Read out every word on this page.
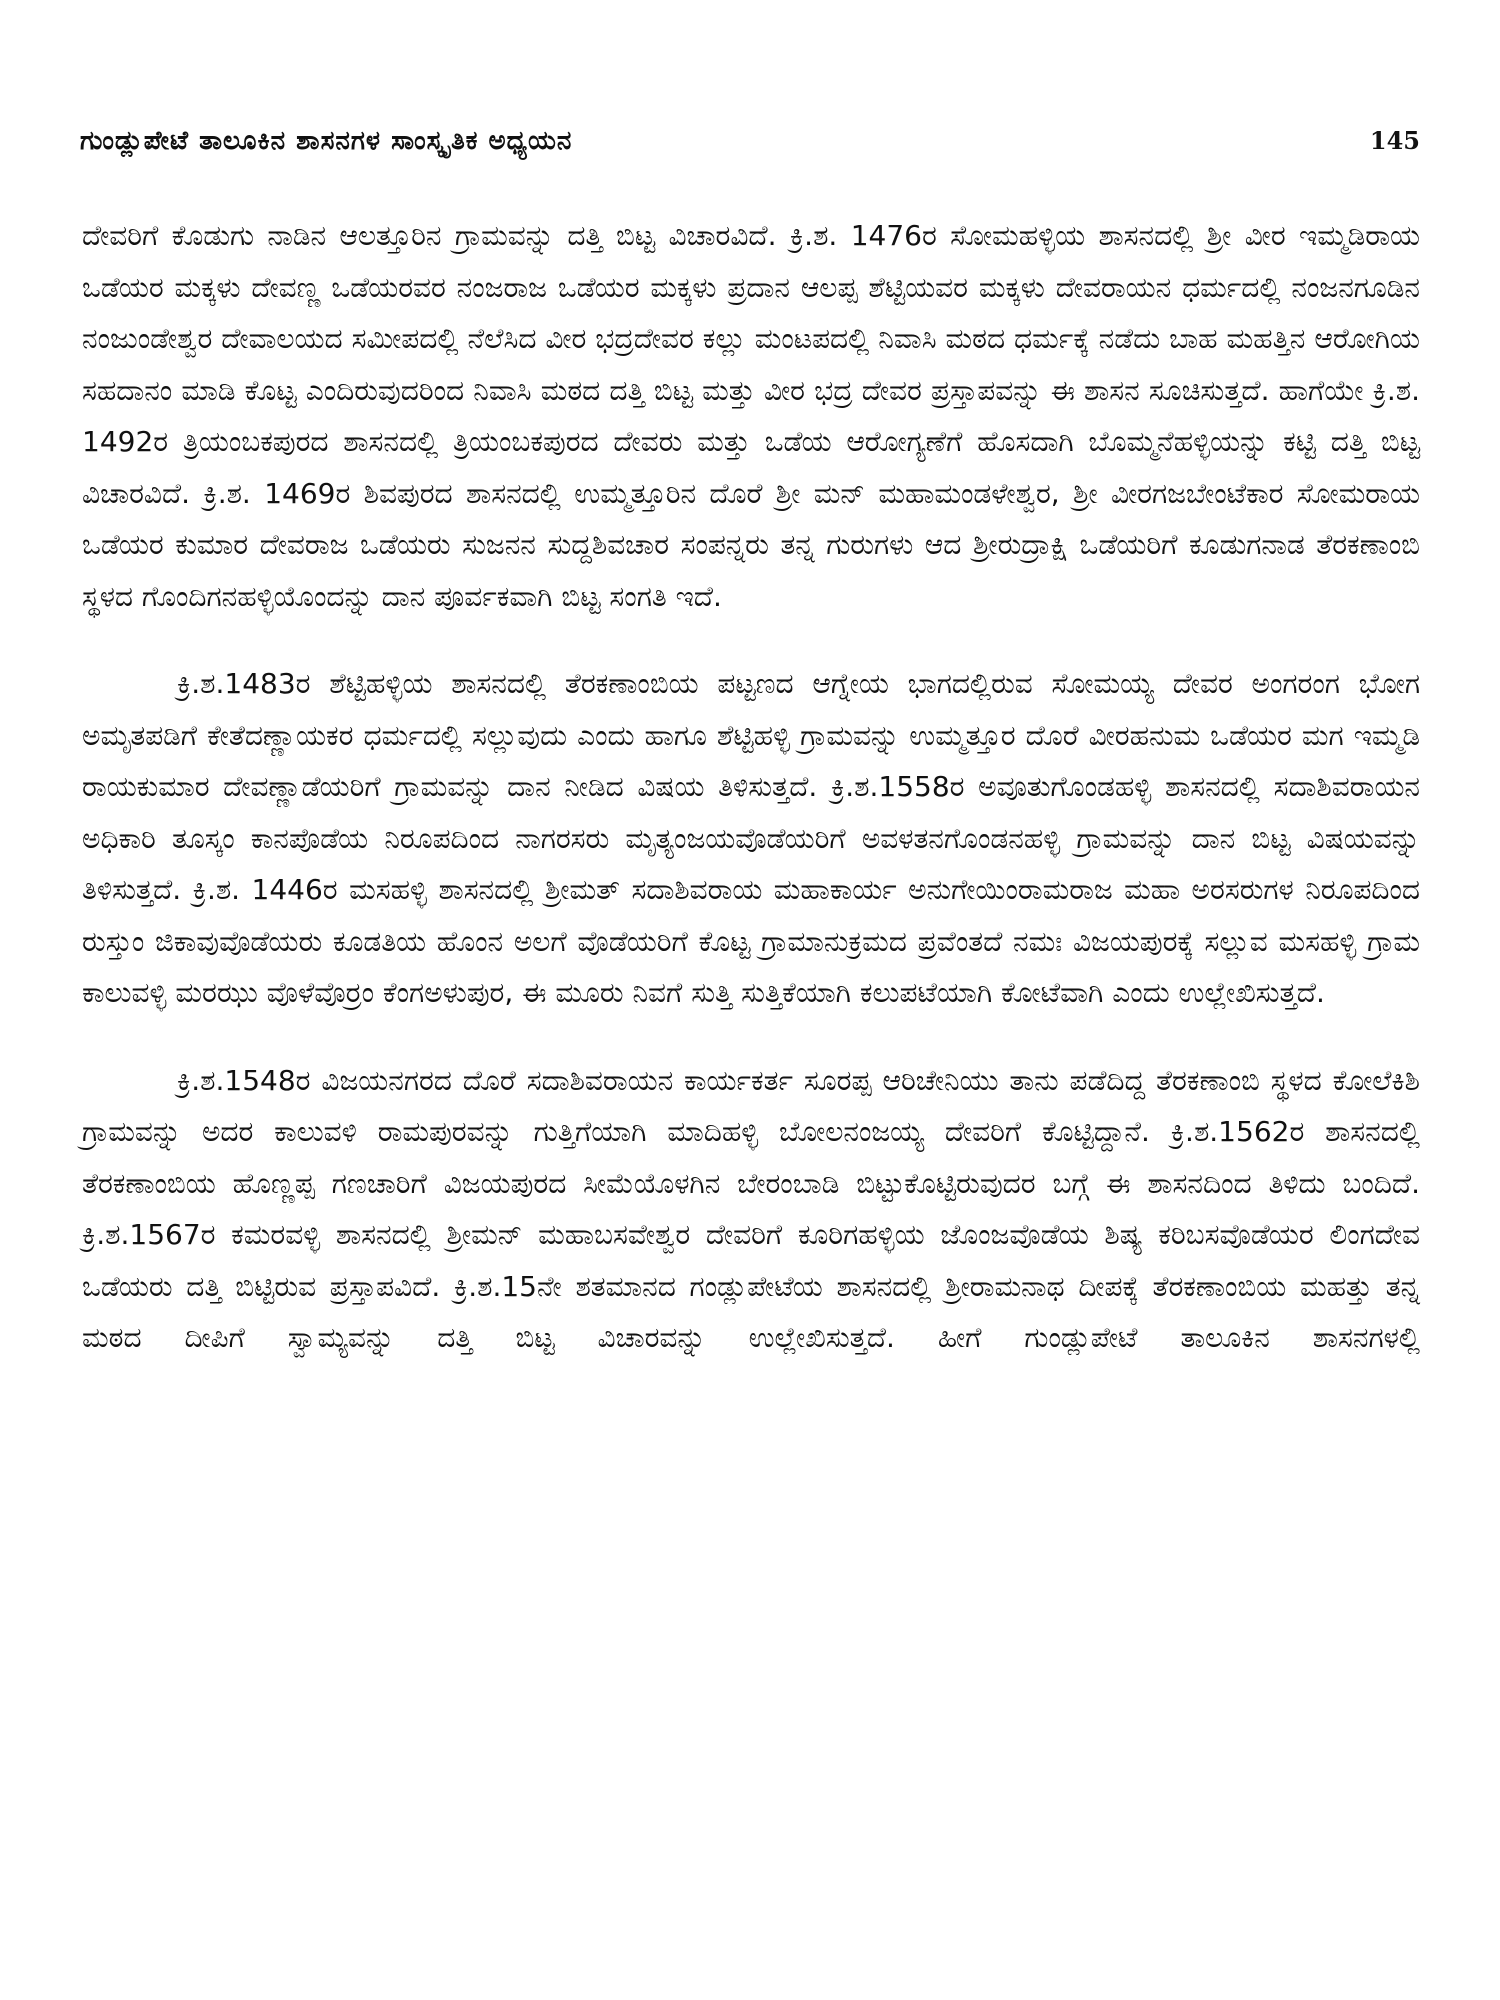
ಗುಂಡ್ಲುಪೇಟೆ ತಾಲೂಕಿನ ಶಾಸನಗಳ ಸಾಂಸ್ಕೃತಿಕ ಅಧ್ಯಯನ	145

ದೇವರಿಗೆ ಕೊಡುಗು ನಾಡಿನ ಆಲತ್ತೂರಿನ ಗ್ರಾಮವನ್ನು ದತ್ತಿ ಬಿಟ್ಟ ವಿಚಾರವಿದೆ. ಕ್ರಿ.ಶ. 1476ರ ಸೋಮಹಳ್ಳಿಯ ಶಾಸನದಲ್ಲಿ ಶ್ರೀ ವೀರ ಇಮ್ಮಡಿರಾಯ ಒಡೆಯರ ಮಕ್ಕಳು ದೇವಣ್ಣ ಒಡೆಯರವರ ನಂಜರಾಜ ಒಡೆಯರ ಮಕ್ಕಳು ಪ್ರದಾನ ಆಲಪ್ಪ ಶೆಟ್ಟಿಯವರ ಮಕ್ಕಳು ದೇವರಾಯನ ಧರ್ಮದಲ್ಲಿ ನಂಜನಗೂಡಿನ ನಂಜುಂಡೇಶ್ವರ ದೇವಾಲಯದ ಸಮೀಪದಲ್ಲಿ ನೆಲೆಸಿದ ವೀರ ಭದ್ರದೇವರ ಕಲ್ಲು ಮಂಟಪದಲ್ಲಿ ನಿವಾಸಿ ಮಠದ ಧರ್ಮಕ್ಕೆ ನಡೆದು ಬಾಹ ಮಹತ್ತಿನ ಆರೋಗಿಯ ಸಹದಾನಂ ಮಾಡಿ ಕೊಟ್ಟ ಎಂದಿರುವುದರಿಂದ ನಿವಾಸಿ ಮಠದ ದತ್ತಿ ಬಿಟ್ಟ ಮತ್ತು ವೀರ ಭದ್ರ ದೇವರ ಪ್ರಸ್ತಾಪವನ್ನು ಈ ಶಾಸನ ಸೂಚಿಸುತ್ತದೆ. ಹಾಗೆಯೇ ಕ್ರಿ.ಶ. 1492ರ ತ್ರಿಯಂಬಕಪುರದ ಶಾಸನದಲ್ಲಿ ತ್ರಿಯಂಬಕಪುರದ ದೇವರು ಮತ್ತು ಒಡೆಯ ಆರೋಗ್ಯಣೆಗೆ ಹೊಸದಾಗಿ ಬೊಮ್ಮನೆಹಳ್ಳಿಯನ್ನು ಕಟ್ಟಿ ದತ್ತಿ ಬಿಟ್ಟ ವಿಚಾರವಿದೆ. ಕ್ರಿ.ಶ. 1469ರ ಶಿವಪುರದ ಶಾಸನದಲ್ಲಿ ಉಮ್ಮತ್ತೂರಿನ ದೊರೆ ಶ್ರೀ ಮನ್ ಮಹಾಮಂಡಳೇಶ್ವರ, ಶ್ರೀ ವೀರಗಜಬೇಂಟೆಕಾರ ಸೋಮರಾಯ ಒಡೆಯರ ಕುಮಾರ ದೇವರಾಜ ಒಡೆಯರು ಸುಜನನ ಸುದ್ದಶಿವಚಾರ ಸಂಪನ್ನರು ತನ್ನ ಗುರುಗಳು ಆದ ಶ್ರೀರುದ್ರಾಕ್ಷಿ ಒಡೆಯರಿಗೆ ಕೂಡುಗನಾಡ ತೆರಕಣಾಂಬಿ ಸ್ಥಳದ ಗೊಂದಿಗನಹಳ್ಳಿಯೊಂದನ್ನು ದಾನ ಪೂರ್ವಕವಾಗಿ ಬಿಟ್ಟ ಸಂಗತಿ ಇದೆ.

ಕ್ರಿ.ಶ.1483ರ ಶೆಟ್ಟಿಹಳ್ಳಿಯ ಶಾಸನದಲ್ಲಿ ತೆರಕಣಾಂಬಿಯ ಪಟ್ಟಣದ ಆಗ್ನೇಯ ಭಾಗದಲ್ಲಿರುವ ಸೋಮಯ್ಯ ದೇವರ ಅಂಗರಂಗ ಭೋಗ ಅಮೃತಪಡಿಗೆ ಕೇತೆದಣ್ಣಾಯಕರ ಧರ್ಮದಲ್ಲಿ ಸಲ್ಲುವುದು ಎಂದು ಹಾಗೂ ಶೆಟ್ಟಿಹಳ್ಳಿ ಗ್ರಾಮವನ್ನು ಉಮ್ಮತ್ತೂರ ದೊರೆ ವೀರಹನುಮ ಒಡೆಯರ ಮಗ ಇಮ್ಮಡಿ ರಾಯಕುಮಾರ ದೇವಣ್ಣಾಡೆಯರಿಗೆ ಗ್ರಾಮವನ್ನು ದಾನ ನೀಡಿದ ವಿಷಯ ತಿಳಿಸುತ್ತದೆ. ಕ್ರಿ.ಶ.1558ರ ಅವೂತುಗೊಂಡಹಳ್ಳಿ ಶಾಸನದಲ್ಲಿ ಸದಾಶಿವರಾಯನ ಅಧಿಕಾರಿ ತೂಸ್ಕಂ ಕಾನಪೊಡೆಯ ನಿರೂಪದಿಂದ ನಾಗರಸರು ಮೃತ್ಯಂಜಯವೊಡೆಯರಿಗೆ ಅವಳತನಗೊಂಡನಹಳ್ಳಿ ಗ್ರಾಮವನ್ನು ದಾನ ಬಿಟ್ಟ ವಿಷಯವನ್ನು ತಿಳಿಸುತ್ತದೆ. ಕ್ರಿ.ಶ. 1446ರ ಮಸಹಳ್ಳಿ ಶಾಸನದಲ್ಲಿ ಶ್ರೀಮತ್ ಸದಾಶಿವರಾಯ ಮಹಾಕಾರ್ಯ ಅನುಗೇಯಿಂರಾಮರಾಜ ಮಹಾ ಅರಸರುಗಳ ನಿರೂಪದಿಂದ ರುಸ್ತುಂ ಜಿಕಾವುವೊಡೆಯರು ಕೂಡತಿಯ ಹೊಂನ ಅಲಗೆ ವೊಡೆಯರಿಗೆ ಕೊಟ್ಟ ಗ್ರಾಮಾನುಕ್ರಮದ ಪ್ರವೆಂತದೆ ನಮಃ ವಿಜಯಪುರಕ್ಕೆ ಸಲ್ಲುವ ಮಸಹಳ್ಳಿ ಗ್ರಾಮ ಕಾಲುವಳ್ಳಿ ಮರಝು ವೊಳೆವೊರ್ರಂ ಕೆಂಗಅಳುಪುರ, ಈ ಮೂರು ನಿವಗೆ ಸುತ್ತಿ ಸುತ್ತಿಕೆಯಾಗಿ ಕಲುಪಟೆಯಾಗಿ ಕೋಟೆವಾಗಿ ಎಂದು ಉಲ್ಲೇಖಿಸುತ್ತದೆ.

ಕ್ರಿ.ಶ.1548ರ ವಿಜಯನಗರದ ದೊರೆ ಸದಾಶಿವರಾಯನ ಕಾರ್ಯಕರ್ತ ಸೂರಪ್ಪ ಆರಿಚೇನಿಯು ತಾನು ಪಡೆದಿದ್ದ ತೆರಕಣಾಂಬಿ ಸ್ಥಳದ ಕೋಲೆಕಿಶಿ ಗ್ರಾಮವನ್ನು ಅದರ ಕಾಲುವಳಿ ರಾಮಪುರವನ್ನು ಗುತ್ತಿಗೆಯಾಗಿ ಮಾದಿಹಳ್ಳಿ ಬೋಲನಂಜಯ್ಯ ದೇವರಿಗೆ ಕೊಟ್ಟಿದ್ದಾನೆ. ಕ್ರಿ.ಶ.1562ರ ಶಾಸನದಲ್ಲಿ ತೆರಕಣಾಂಬಿಯ ಹೊಣ್ಣಪ್ಪ ಗಣಚಾರಿಗೆ ವಿಜಯಪುರದ ಸೀಮೆಯೊಳಗಿನ ಬೇರಂಬಾಡಿ ಬಿಟ್ಟುಕೊಟ್ಟಿರುವುದರ ಬಗ್ಗೆ ಈ ಶಾಸನದಿಂದ ತಿಳಿದು ಬಂದಿದೆ. ಕ್ರಿ.ಶ.1567ರ ಕಮರವಳ್ಳಿ ಶಾಸನದಲ್ಲಿ ಶ್ರೀಮನ್ ಮಹಾಬಸವೇಶ್ವರ ದೇವರಿಗೆ ಕೂರಿಗಹಳ್ಳಿಯ ಜೊಂಜವೊಡೆಯ ಶಿಷ್ಯ ಕರಿಬಸವೊಡೆಯರ ಲಿಂಗದೇವ ಒಡೆಯರು ದತ್ತಿ ಬಿಟ್ಟಿರುವ ಪ್ರಸ್ತಾಪವಿದೆ. ಕ್ರಿ.ಶ.15ನೇ ಶತಮಾನದ ಗಂಡ್ಲುಪೇಟೆಯ ಶಾಸನದಲ್ಲಿ ಶ್ರೀರಾಮನಾಥ ದೀಪಕ್ಕೆ ತೆರಕಣಾಂಬಿಯ ಮಹತ್ತು ತನ್ನ ಮಠದ ದೀಪಿಗೆ ಸ್ವಾಮ್ಯವನ್ನು ದತ್ತಿ ಬಿಟ್ಟ ವಿಚಾರವನ್ನು ಉಲ್ಲೇಖಿಸುತ್ತದೆ. ಹೀಗೆ ಗುಂಡ್ಲುಪೇಟೆ ತಾಲೂಕಿನ ಶಾಸನಗಳಲ್ಲಿ
